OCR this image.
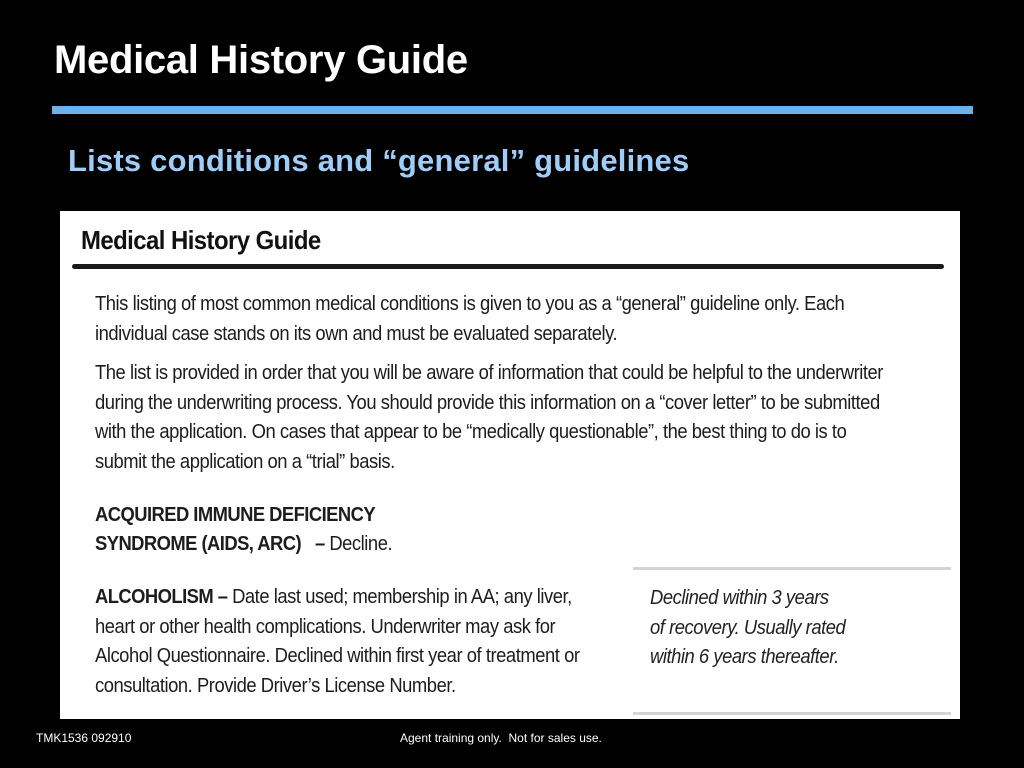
Medical History Guide
Lists conditions and “general” guidelines
Medical History Guide

This listing of most common medical conditions is given to you as a “general” guideline only. Each individual case stands on its own and must be evaluated separately.

The list is provided in order that you will be aware of information that could be helpful to the underwriter during the underwriting process. You should provide this information on a “cover letter” to be submitted with the application. On cases that appear to be “medically questionable”, the best thing to do is to submit the application on a “trial” basis.

ACQUIRED IMMUNE DEFICIENCY
SYNDROME (AIDS, ARC) – Decline.
ALCOHOLISM – Date last used; membership in AA; any liver, heart or other health complications. Underwriter may ask for Alcohol Questionnaire. Declined within first year of treatment or consultation. Provide Driver’s License Number.
Declined within 3 years
of recovery. Usually rated
within 6 years thereafter.
TMK1536 092910	Agent training only.  Not for sales use.
